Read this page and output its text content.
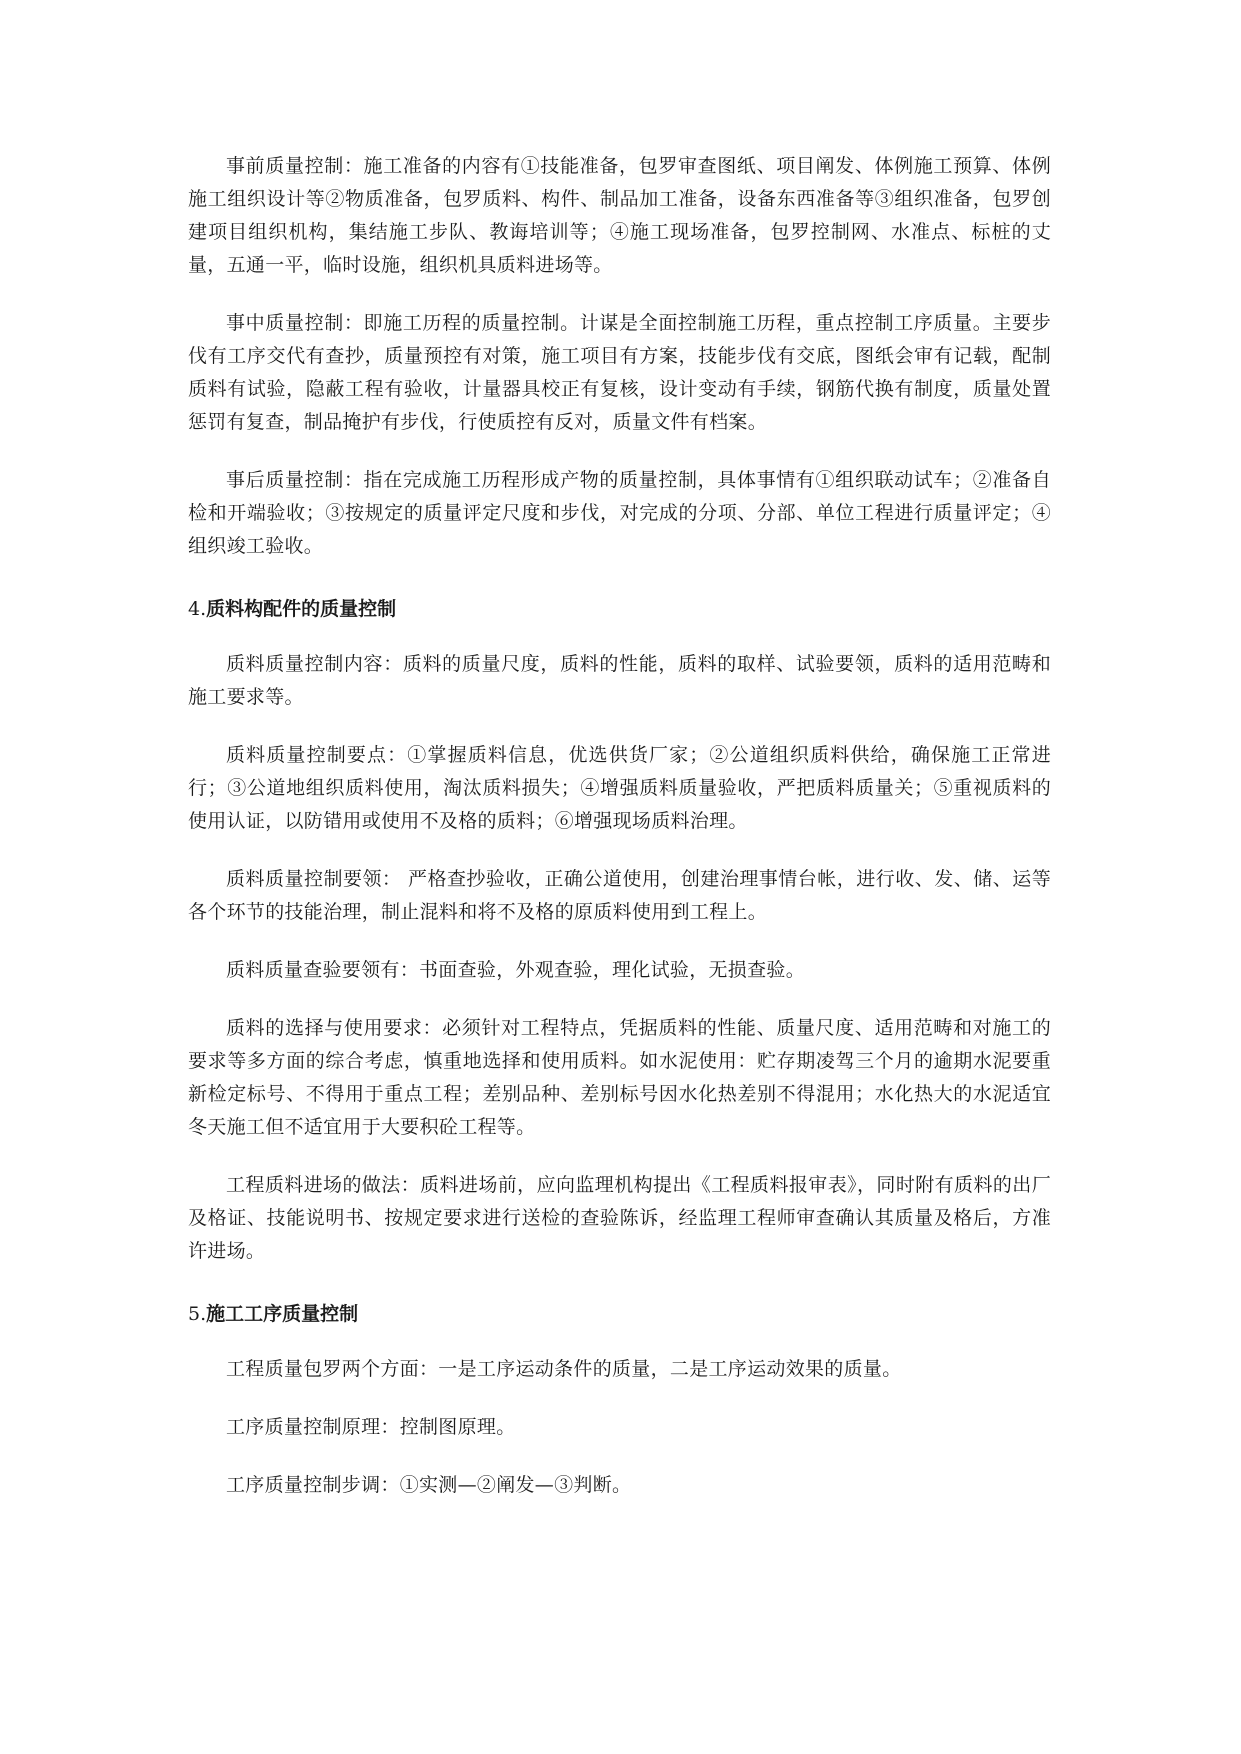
事前质量控制：施工准备的内容有①技能准备，包罗审查图纸、项目阐发、体例施工预算、体例施工组织设计等②物质准备，包罗质料、构件、制品加工准备，设备东西准备等③组织准备，包罗创建项目组织机构，集结施工步队、教诲培训等；④施工现场准备，包罗控制网、水准点、标桩的丈量，五通一平，临时设施，组织机具质料进场等。

事中质量控制：即施工历程的质量控制。计谋是全面控制施工历程，重点控制工序质量。主要步伐有工序交代有查抄，质量预控有对策，施工项目有方案，技能步伐有交底，图纸会审有记载，配制质料有试验，隐蔽工程有验收，计量器具校正有复核，设计变动有手续，钢筋代换有制度，质量处置惩罚有复查，制品掩护有步伐，行使质控有反对，质量文件有档案。

事后质量控制：指在完成施工历程形成产物的质量控制，具体事情有①组织联动试车；②准备自检和开端验收；③按规定的质量评定尺度和步伐，对完成的分项、分部、单位工程进行质量评定；④组织竣工验收。

4.质料构配件的质量控制

质料质量控制内容：质料的质量尺度，质料的性能，质料的取样、试验要领，质料的适用范畴和施工要求等。

质料质量控制要点：①掌握质料信息，优选供货厂家；②公道组织质料供给，确保施工正常进行；③公道地组织质料使用，淘汰质料损失；④增强质料质量验收，严把质料质量关；⑤重视质料的使用认证，以防错用或使用不及格的质料；⑥增强现场质料治理。

质料质量控制要领： 严格查抄验收，正确公道使用，创建治理事情台帐，进行收、发、储、运等各个环节的技能治理，制止混料和将不及格的原质料使用到工程上。

质料质量查验要领有：书面查验，外观查验，理化试验，无损查验。

质料的选择与使用要求：必须针对工程特点，凭据质料的性能、质量尺度、适用范畴和对施工的要求等多方面的综合考虑，慎重地选择和使用质料。如水泥使用：贮存期凌驾三个月的逾期水泥要重新检定标号、不得用于重点工程；差别品种、差别标号因水化热差别不得混用；水化热大的水泥适宜冬天施工但不适宜用于大要积砼工程等。

工程质料进场的做法：质料进场前，应向监理机构提出《工程质料报审表》，同时附有质料的出厂及格证、技能说明书、按规定要求进行送检的查验陈诉，经监理工程师审查确认其质量及格后，方准许进场。

5.施工工序质量控制

工程质量包罗两个方面：一是工序运动条件的质量，二是工序运动效果的质量。

工序质量控制原理：控制图原理。

工序质量控制步调：①实测—②阐发—③判断。
